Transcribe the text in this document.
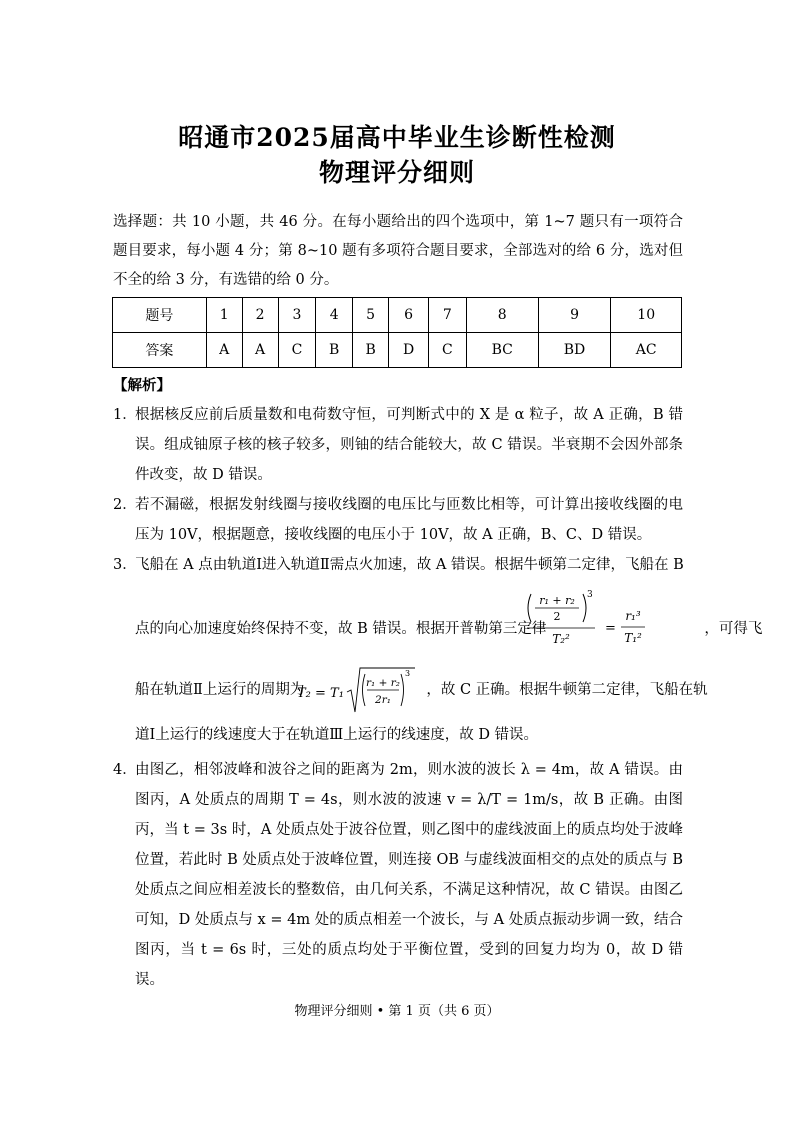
昭通市2025届高中毕业生诊断性检测
物理评分细则
选择题：共 10 小题，共 46 分。在每小题给出的四个选项中，第 1~7 题只有一项符合题目要求，每小题 4 分；第 8~10 题有多项符合题目要求，全部选对的给 6 分，选对但不全的给 3 分，有选错的给 0 分。
题号	1	2	3	4	5	6	7	8	9	10
答案	A	A	C	B	B	D	C	BC	BD	AC
【解析】
1．
根据核反应前后质量数和电荷数守恒，可判断式中的 X 是 α 粒子，故 A 正确，B 错误。组成铀原子核的核子较多，则铀的结合能较大，故 C 错误。半衰期不会因外部条件改变，故 D 错误。
2．
若不漏磁，根据发射线圈与接收线圈的电压比与匝数比相等，可计算出接收线圈的电压为 10V，根据题意，接收线圈的电压小于 10V，故 A 正确，B、C、D 错误。
3．
飞船在 A 点由轨道Ⅰ进入轨道Ⅱ需点火加速，故 A 错误。根据牛顿第二定律，飞船在 B
点的向心加速度始终保持不变，故 B 错误。根据开普勒第三定律	，可得飞
r₁ + r₂
2
3
T₂²
=
r₁³
T₁²
船在轨道Ⅱ上运行的周期为	，故 C 正确。根据牛顿第二定律，飞船在轨
T₂ = T₁
r₁ + r₂
2r₁
3
道Ⅰ上运行的线速度大于在轨道Ⅲ上运行的线速度，故 D 错误。
4．
由图乙，相邻波峰和波谷之间的距离为 2m，则水波的波长 λ = 4m，故 A 错误。由图丙，A 处质点的周期 T = 4s，则水波的波速 v = λ/T = 1m/s，故 B 正确。由图丙，当 t = 3s 时，A 处质点处于波谷位置，则乙图中的虚线波面上的质点均处于波峰位置，若此时 B 处质点处于波峰位置，则连接 OB 与虚线波面相交的点处的质点与 B 处质点之间应相差波长的整数倍，由几何关系，不满足这种情况，故 C 错误。由图乙可知，D 处质点与 x = 4m 处的质点相差一个波长，与 A 处质点振动步调一致，结合图丙，当 t = 6s 时，三处的质点均处于平衡位置，受到的回复力均为 0，故 D 错误。
物理评分细则 • 第 1 页（共 6 页）
